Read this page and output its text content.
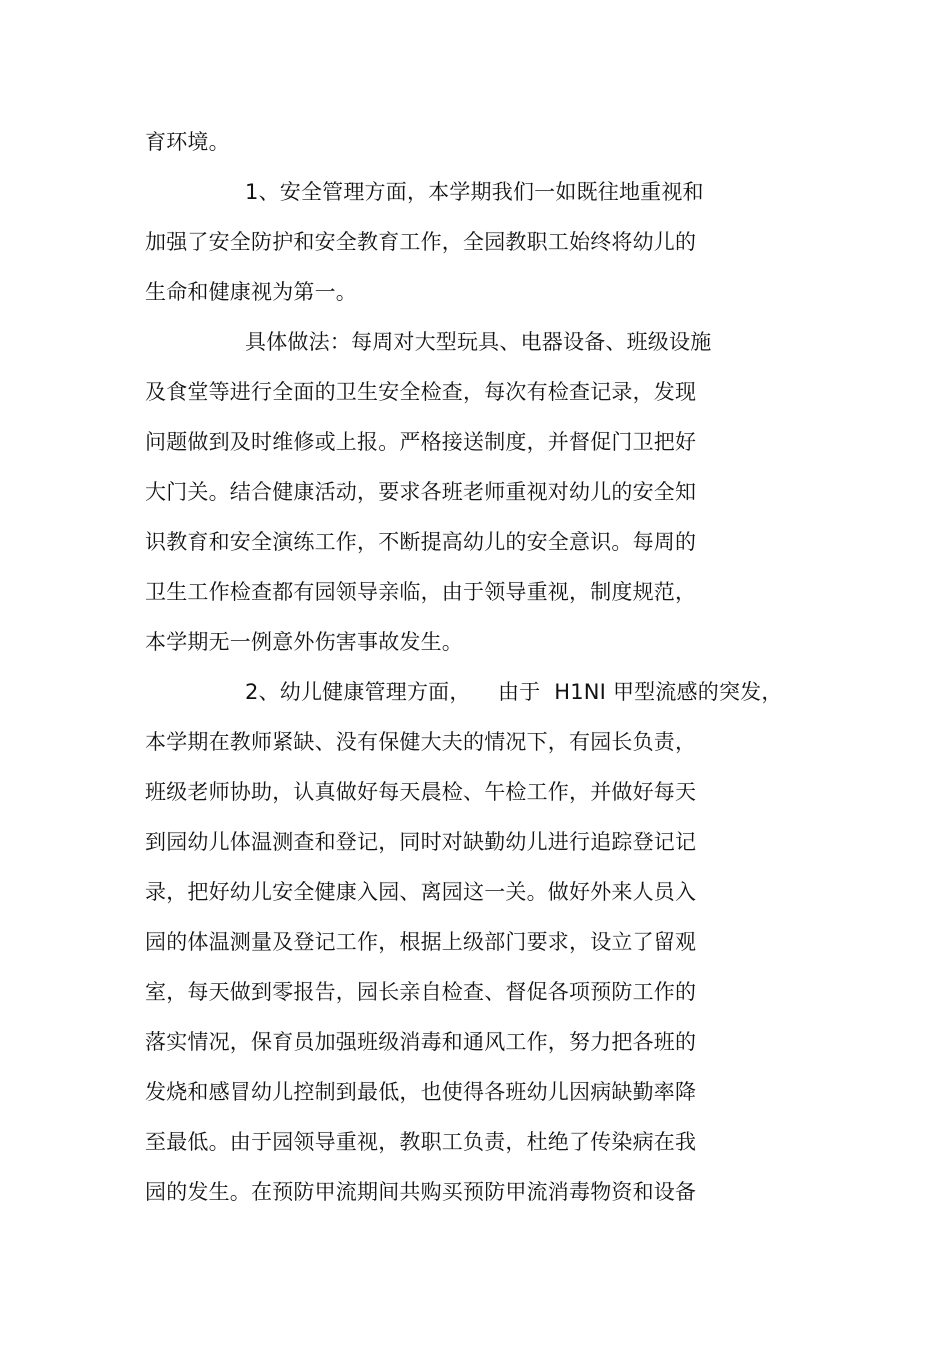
育环境。
1、安全管理方面，本学期我们一如既往地重视和
加强了安全防护和安全教育工作，全园教职工始终将幼儿的
生命和健康视为第一。
具体做法：每周对大型玩具、电器设备、班级设施
及食堂等进行全面的卫生安全检查，每次有检查记录，发现
问题做到及时维修或上报。严格接送制度，并督促门卫把好
大门关。结合健康活动，要求各班老师重视对幼儿的安全知
识教育和安全演练工作，不断提高幼儿的安全意识。每周的
卫生工作检查都有园领导亲临，由于领导重视，制度规范，
本学期无一例意外伤害事故发生。
2、幼儿健康管理方面，    由于  H1NI 甲型流感的突发，
本学期在教师紧缺、没有保健大夫的情况下，有园长负责，
班级老师协助，认真做好每天晨检、午检工作，并做好每天
到园幼儿体温测查和登记，同时对缺勤幼儿进行追踪登记记
录，把好幼儿安全健康入园、离园这一关。做好外来人员入
园的体温测量及登记工作，根据上级部门要求，设立了留观
室，每天做到零报告，园长亲自检查、督促各项预防工作的
落实情况，保育员加强班级消毒和通风工作，努力把各班的
发烧和感冒幼儿控制到最低，也使得各班幼儿因病缺勤率降
至最低。由于园领导重视，教职工负责，杜绝了传染病在我
园的发生。在预防甲流期间共购买预防甲流消毒物资和设备
